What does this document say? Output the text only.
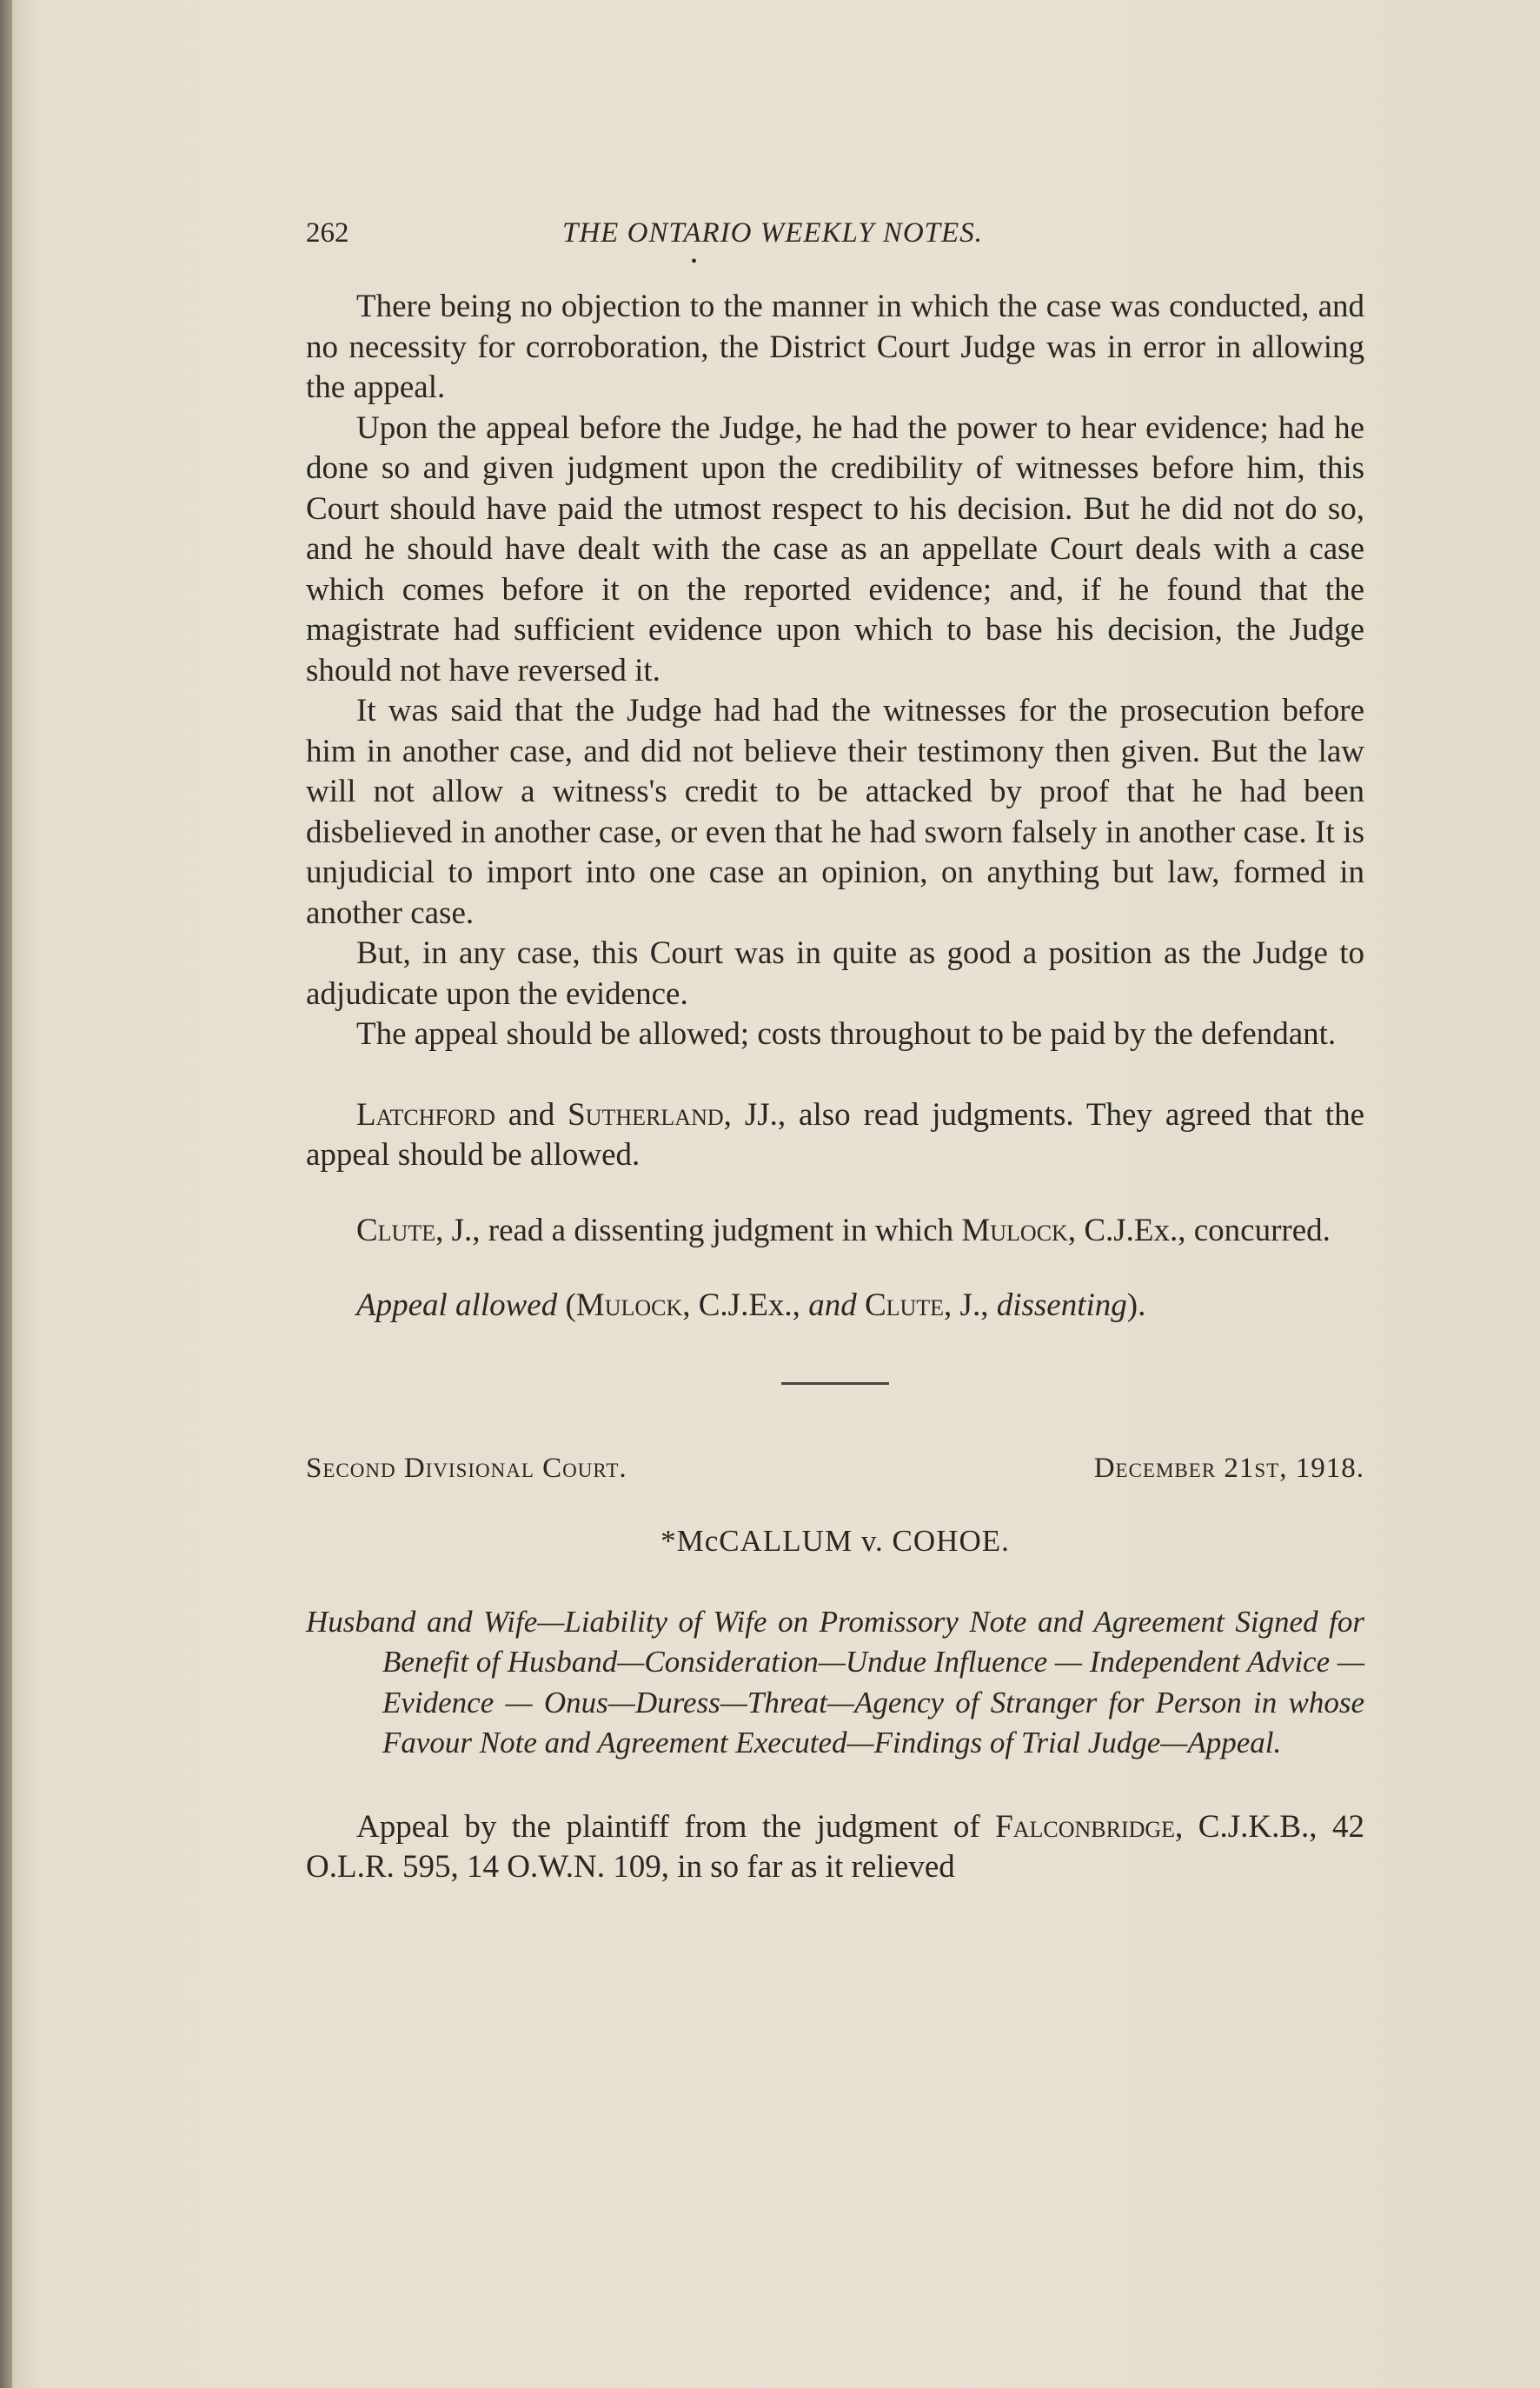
262	THE ONTARIO WEEKLY NOTES.
•

There being no objection to the manner in which the case was conducted, and no necessity for corroboration, the District Court Judge was in error in allowing the appeal.

Upon the appeal before the Judge, he had the power to hear evidence; had he done so and given judgment upon the credibility of witnesses before him, this Court should have paid the utmost respect to his decision. But he did not do so, and he should have dealt with the case as an appellate Court deals with a case which comes before it on the reported evidence; and, if he found that the magistrate had sufficient evidence upon which to base his decision, the Judge should not have reversed it.

It was said that the Judge had had the witnesses for the prosecution before him in another case, and did not believe their testimony then given. But the law will not allow a witness's credit to be attacked by proof that he had been disbelieved in another case, or even that he had sworn falsely in another case. It is unjudicial to import into one case an opinion, on anything but law, formed in another case.

But, in any case, this Court was in quite as good a position as the Judge to adjudicate upon the evidence.

The appeal should be allowed; costs throughout to be paid by the defendant.

Latchford and Sutherland, JJ., also read judgments. They agreed that the appeal should be allowed.

Clute, J., read a dissenting judgment in which Mulock, C.J.Ex., concurred.

Appeal allowed (Mulock, C.J.Ex., and Clute, J., dissenting).

Second Divisional Court.	December 21st, 1918.
*McCALLUM v. COHOE.
Husband and Wife—Liability of Wife on Promissory Note and Agreement Signed for Benefit of Husband—Consideration—Undue Influence — Independent Advice — Evidence — Onus—Duress—Threat—Agency of Stranger for Person in whose Favour Note and Agreement Executed—Findings of Trial Judge—Appeal.

Appeal by the plaintiff from the judgment of Falconbridge, C.J.K.B., 42 O.L.R. 595, 14 O.W.N. 109, in so far as it relieved
